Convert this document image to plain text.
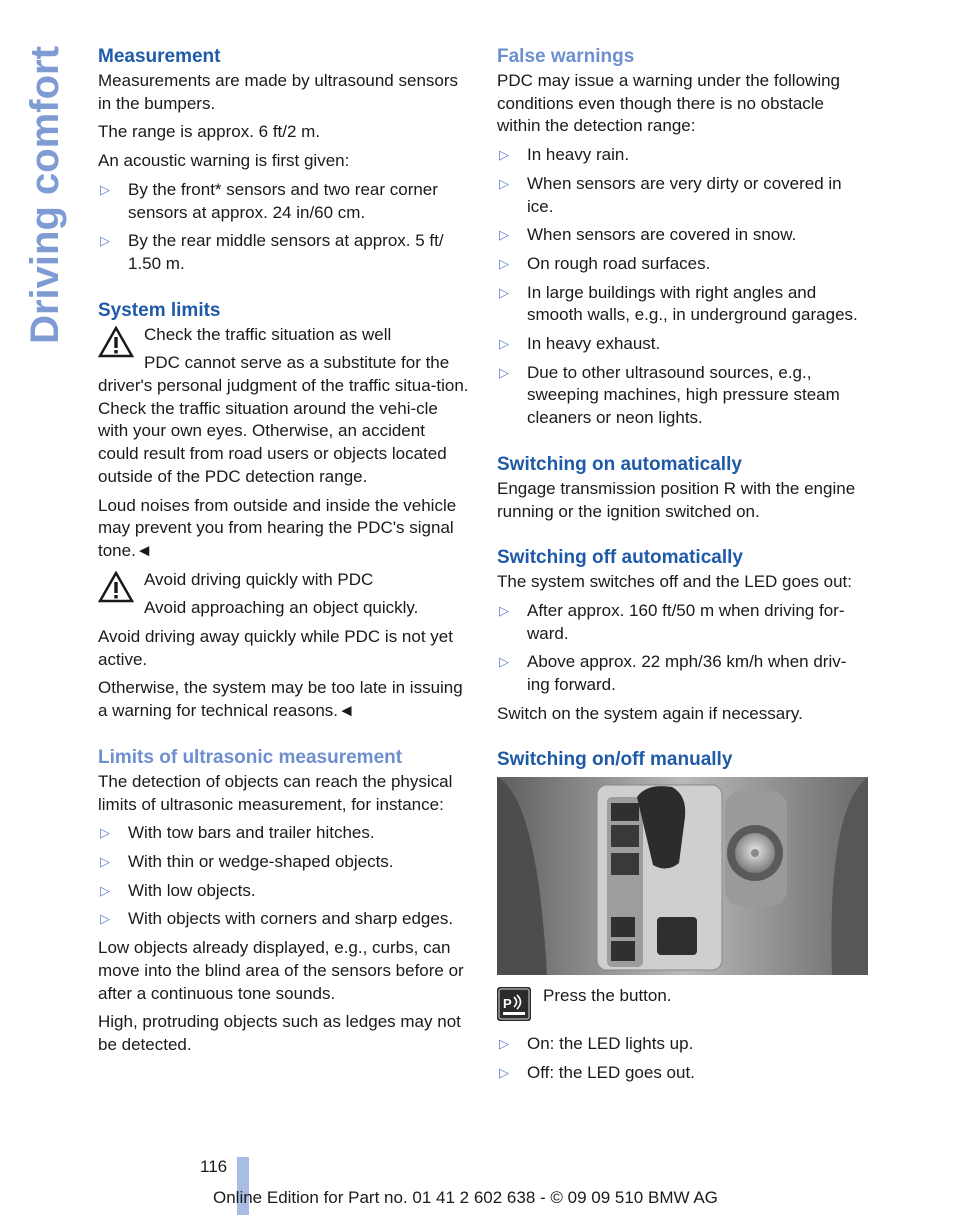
Driving comfort Measurement

Measurements are made by ultrasound sensors in the bumpers.

The range is approx. 6 ft/2 m.

An acoustic warning is first given:

▷ By the front* sensors and two rear corner sensors at approx. 24 in/60 cm.
▷ By the rear middle sensors at approx. 5 ft/ 1.50 m.
System limits

Check the traffic situation as well

PDC cannot serve as a substitute for the driver's personal judgment of the traffic situa-tion. Check the traffic situation around the vehi-cle with your own eyes. Otherwise, an accident could result from road users or objects located outside of the PDC detection range.

Loud noises from outside and inside the vehicle may prevent you from hearing the PDC's signal tone.◄

Avoid driving quickly with PDC

Avoid approaching an object quickly.

Avoid driving away quickly while PDC is not yet active.

Otherwise, the system may be too late in issuing a warning for technical reasons.◄

Limits of ultrasonic measurement

The detection of objects can reach the physical limits of ultrasonic measurement, for instance:

▷ With tow bars and trailer hitches.
▷ With thin or wedge-shaped objects.
▷ With low objects.
▷ With objects with corners and sharp edges.

Low objects already displayed, e.g., curbs, can move into the blind area of the sensors before or after a continuous tone sounds.

High, protruding objects such as ledges may not be detected.

False warnings

PDC may issue a warning under the following conditions even though there is no obstacle within the detection range:

▷ In heavy rain.
▷ When sensors are very dirty or covered in ice.
▷ When sensors are covered in snow.
▷ On rough road surfaces.
▷ In large buildings with right angles and smooth walls, e.g., in underground garages.
▷ In heavy exhaust.
▷ Due to other ultrasound sources, e.g., sweeping machines, high pressure steam cleaners or neon lights.
Switching on automatically

Engage transmission position R with the engine running or the ignition switched on.

Switching off automatically

The system switches off and the LED goes out:

▷ After approx. 160 ft/50 m when driving for-ward.
▷ Above approx. 22 mph/36 km/h when driv-ing forward.

Switch on the system again if necessary.

Switching on/off manually
P Press the button.

▷ On: the LED lights up.
▷ Off: the LED goes out.
116
Online Edition for Part no. 01 41 2 602 638 - © 09 09 510 BMW AG
